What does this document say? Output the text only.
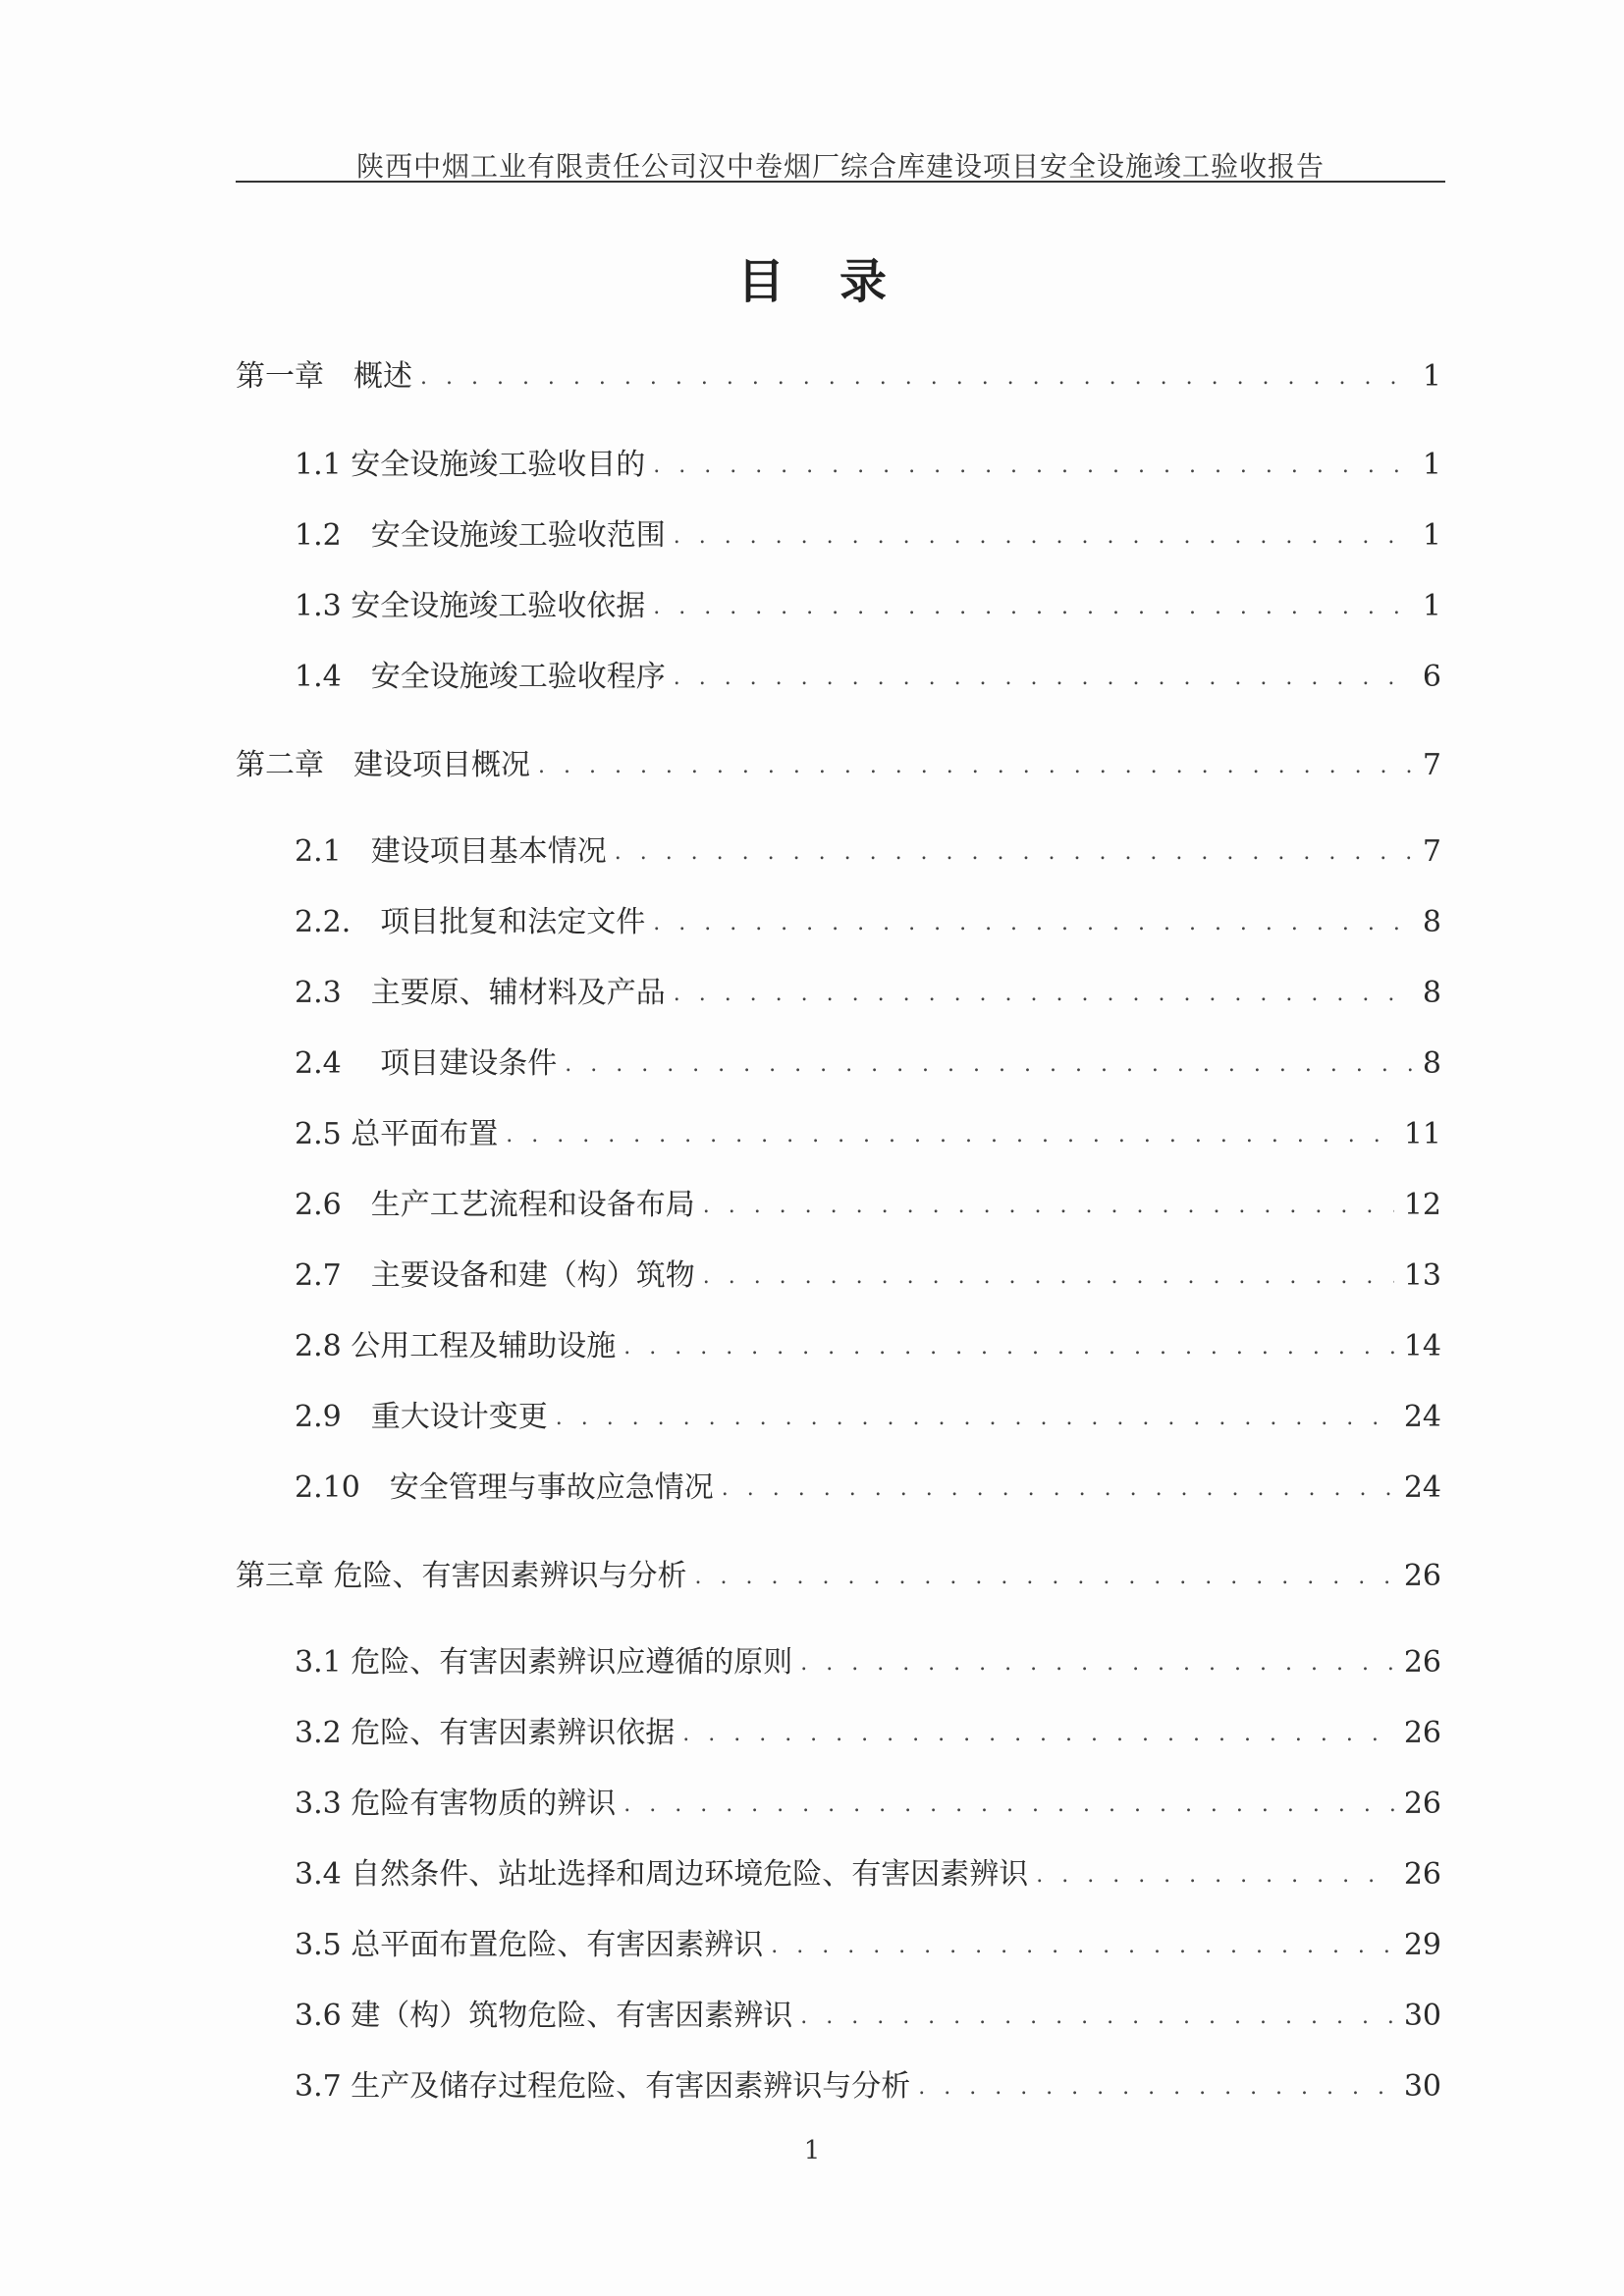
陕西中烟工业有限责任公司汉中卷烟厂综合库建设项目安全设施竣工验收报告
目录
第一章　概述 . . .	1
1.1 安全设施竣工验收目的 . . .	1
1.2　安全设施竣工验收范围 . . .	1
1.3 安全设施竣工验收依据 . . .	1
1.4　安全设施竣工验收程序 . . .	6
第二章　建设项目概况 . . .	7
2.1　建设项目基本情况 . . .	7
2.2.　项目批复和法定文件 . . .	8
2.3　主要原、辅材料及产品 . . .	8
2.4　 项目建设条件 . . .	8
2.5 总平面布置 . . .	11
2.6　生产工艺流程和设备布局 . . .	12
2.7　主要设备和建（构）筑物 . . .	13
2.8 公用工程及辅助设施 . . .	14
2.9　重大设计变更 . . .	24
2.10　安全管理与事故应急情况 . . .	24
第三章 危险、有害因素辨识与分析 . . .	26
3.1 危险、有害因素辨识应遵循的原则 . . .	26
3.2 危险、有害因素辨识依据 . . .	26
3.3 危险有害物质的辨识 . . .	26
3.4 自然条件、站址选择和周边环境危险、有害因素辨识 . . .	26
3.5 总平面布置危险、有害因素辨识 . . .	29
3.6 建（构）筑物危险、有害因素辨识 . . .	30
3.7 生产及储存过程危险、有害因素辨识与分析 . . .	30
1
